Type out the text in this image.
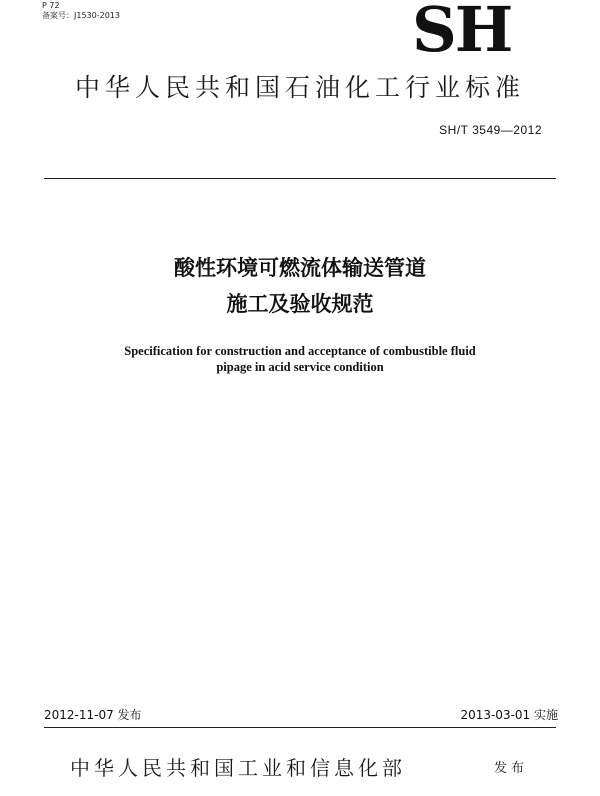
P 72
备案号：J1530-2013	SH
中华人民共和国石油化工行业标准
SH/T 3549—2012
酸性环境可燃流体输送管道
施工及验收规范
Specification for construction and acceptance of combustible fluid
pipage in acid service condition
2012-11-07 发布	2013-03-01 实施
中华人民共和国工业和信息化部	发布
